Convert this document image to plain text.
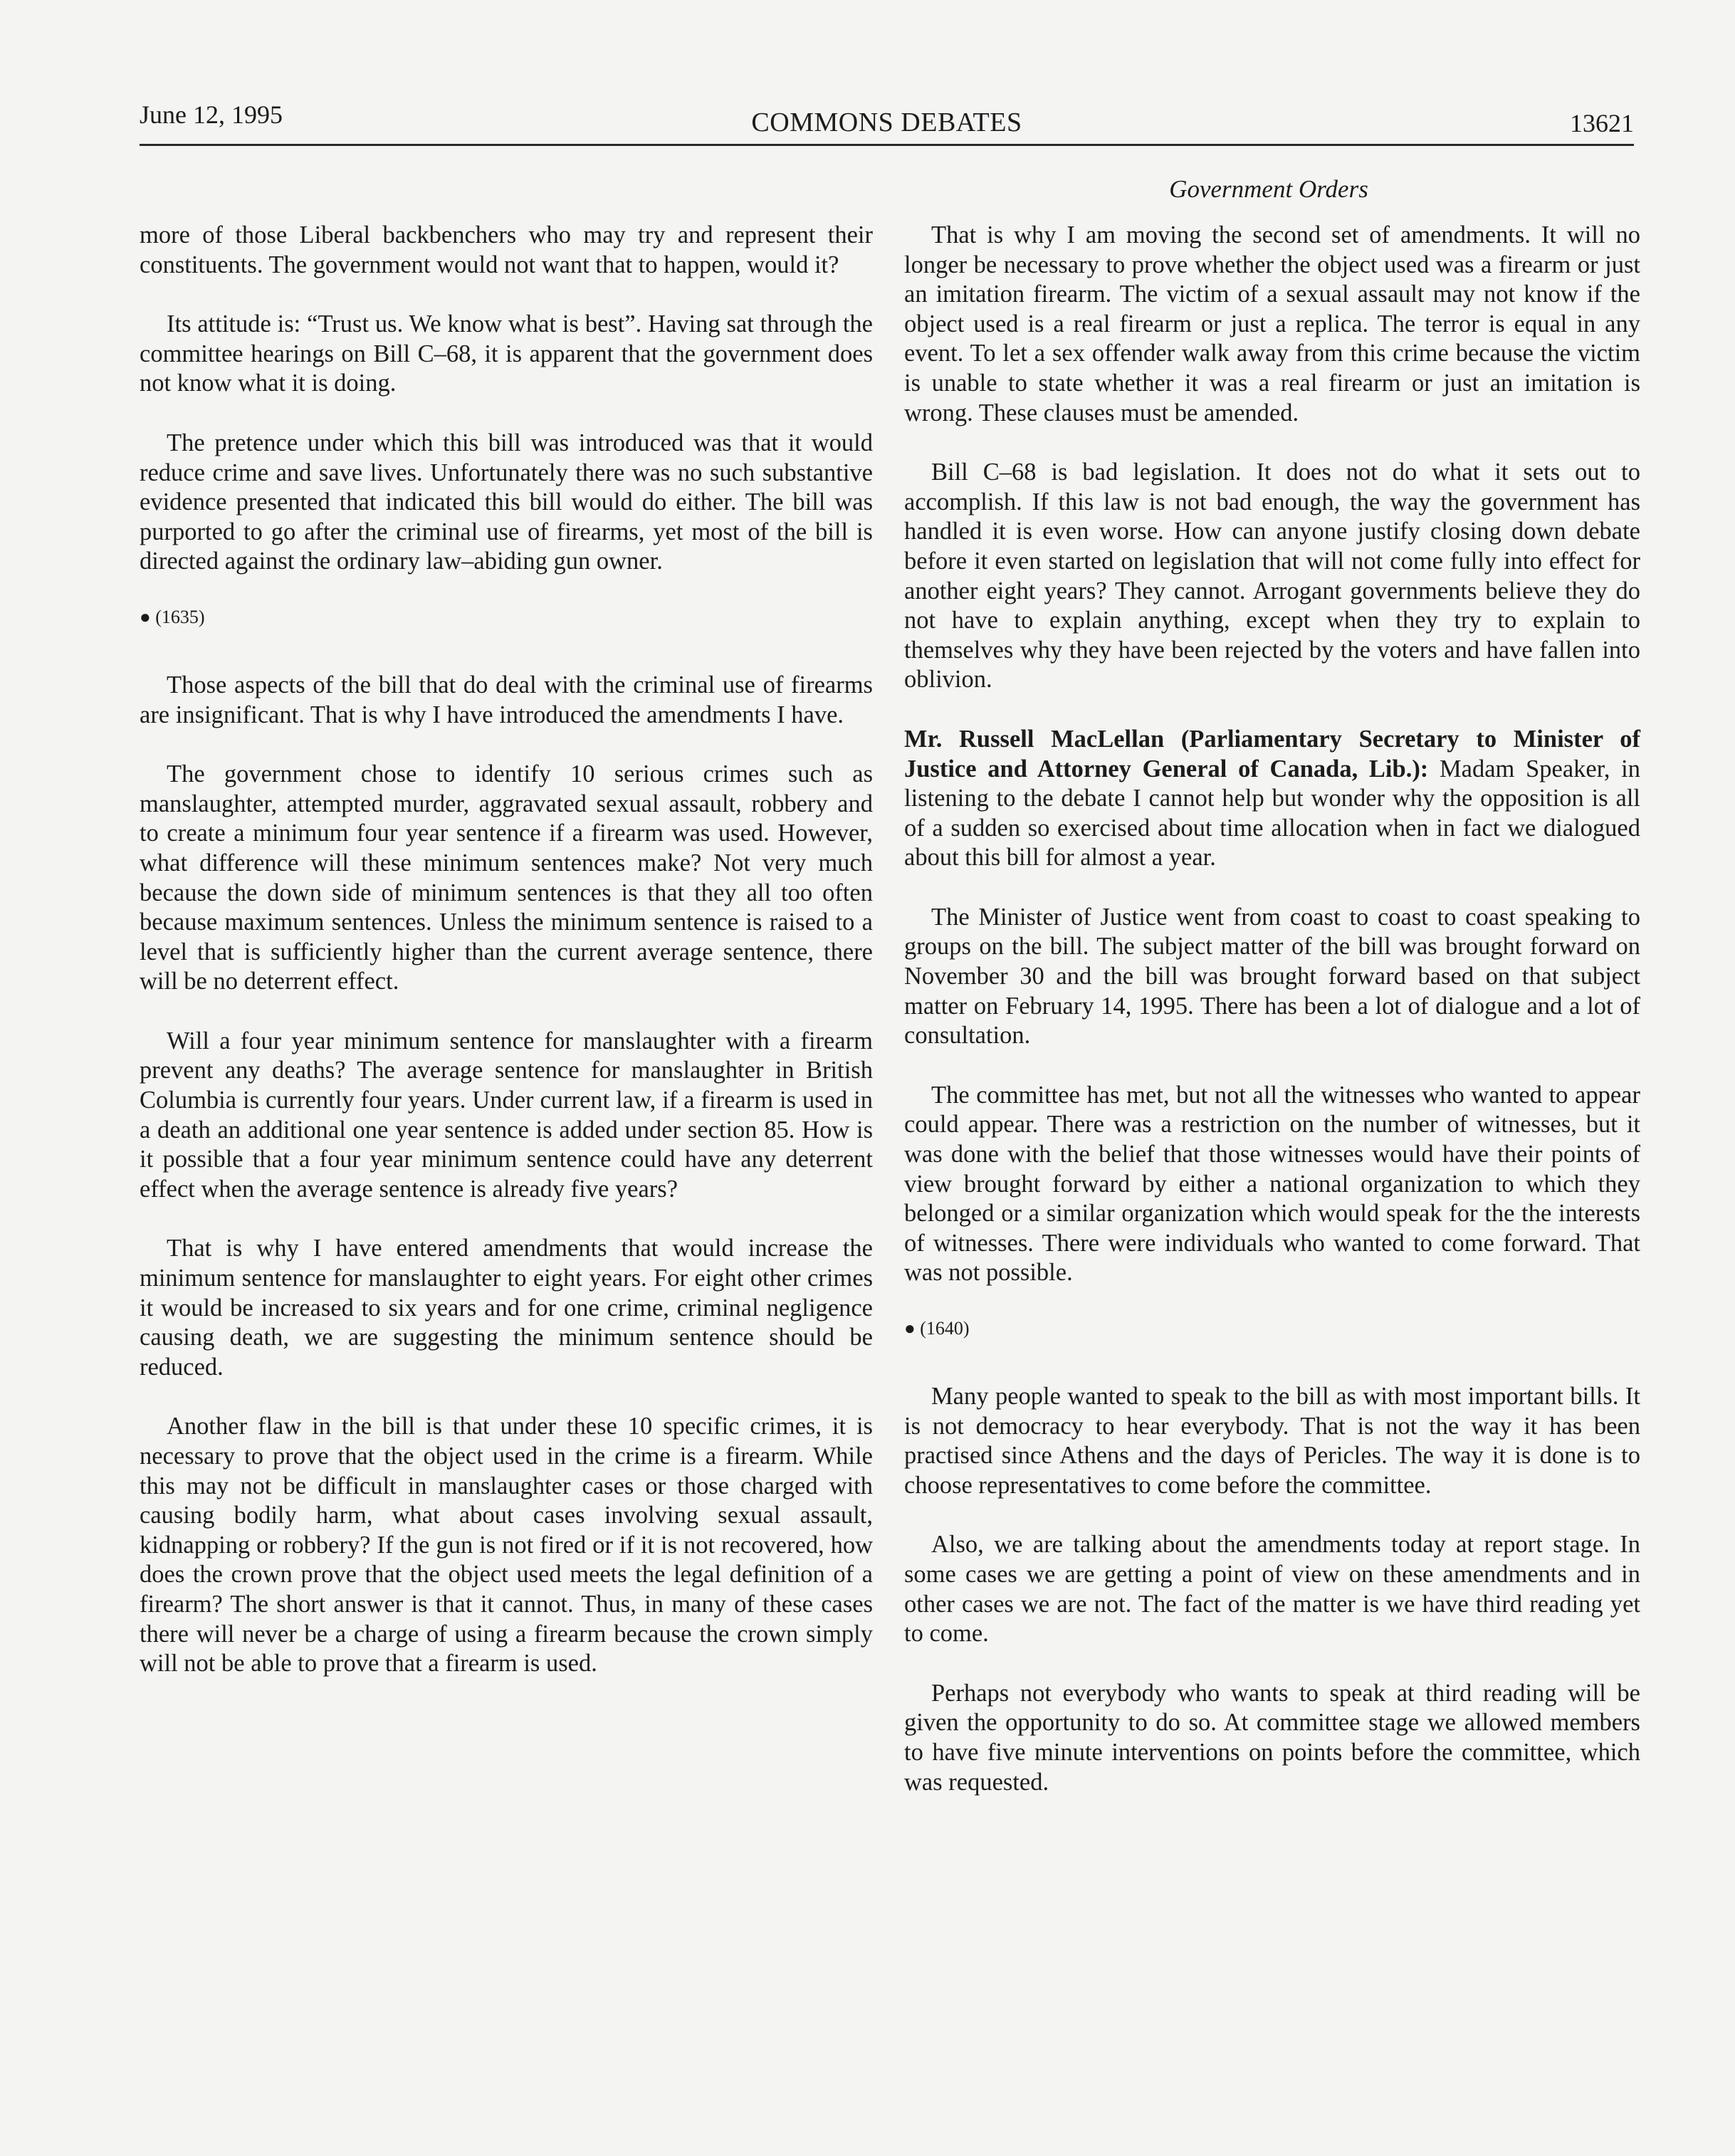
June 12, 1995	COMMONS DEBATES	13621
Government Orders

more of those Liberal backbenchers who may try and represent their constituents. The government would not want that to happen, would it?

Its attitude is: “Trust us. We know what is best”. Having sat through the committee hearings on Bill C–68, it is apparent that the government does not know what it is doing.

The pretence under which this bill was introduced was that it would reduce crime and save lives. Unfortunately there was no such substantive evidence presented that indicated this bill would do either. The bill was purported to go after the criminal use of firearms, yet most of the bill is directed against the ordinary law–abiding gun owner.

● (1635)

Those aspects of the bill that do deal with the criminal use of firearms are insignificant. That is why I have introduced the amendments I have.

The government chose to identify 10 serious crimes such as manslaughter, attempted murder, aggravated sexual assault, robbery and to create a minimum four year sentence if a firearm was used. However, what difference will these minimum sentences make? Not very much because the down side of minimum sentences is that they all too often because maximum sentences. Unless the minimum sentence is raised to a level that is sufficiently higher than the current average sentence, there will be no deterrent effect.

Will a four year minimum sentence for manslaughter with a firearm prevent any deaths? The average sentence for manslaughter in British Columbia is currently four years. Under current law, if a firearm is used in a death an additional one year sentence is added under section 85. How is it possible that a four year minimum sentence could have any deterrent effect when the average sentence is already five years?

That is why I have entered amendments that would increase the minimum sentence for manslaughter to eight years. For eight other crimes it would be increased to six years and for one crime, criminal negligence causing death, we are suggesting the minimum sentence should be reduced.

Another flaw in the bill is that under these 10 specific crimes, it is necessary to prove that the object used in the crime is a firearm. While this may not be difficult in manslaughter cases or those charged with causing bodily harm, what about cases involving sexual assault, kidnapping or robbery? If the gun is not fired or if it is not recovered, how does the crown prove that the object used meets the legal definition of a firearm? The short answer is that it cannot. Thus, in many of these cases there will never be a charge of using a firearm because the crown simply will not be able to prove that a firearm is used.

That is why I am moving the second set of amendments. It will no longer be necessary to prove whether the object used was a firearm or just an imitation firearm. The victim of a sexual assault may not know if the object used is a real firearm or just a replica. The terror is equal in any event. To let a sex offender walk away from this crime because the victim is unable to state whether it was a real firearm or just an imitation is wrong. These clauses must be amended.

Bill C–68 is bad legislation. It does not do what it sets out to accomplish. If this law is not bad enough, the way the government has handled it is even worse. How can anyone justify closing down debate before it even started on legislation that will not come fully into effect for another eight years? They cannot. Arrogant governments believe they do not have to explain anything, except when they try to explain to themselves why they have been rejected by the voters and have fallen into oblivion.

Mr. Russell MacLellan (Parliamentary Secretary to Minister of Justice and Attorney General of Canada, Lib.): Madam Speaker, in listening to the debate I cannot help but wonder why the opposition is all of a sudden so exercised about time allocation when in fact we dialogued about this bill for almost a year.

The Minister of Justice went from coast to coast to coast speaking to groups on the bill. The subject matter of the bill was brought forward on November 30 and the bill was brought forward based on that subject matter on February 14, 1995. There has been a lot of dialogue and a lot of consultation.

The committee has met, but not all the witnesses who wanted to appear could appear. There was a restriction on the number of witnesses, but it was done with the belief that those witnesses would have their points of view brought forward by either a national organization to which they belonged or a similar organization which would speak for the the interests of witnesses. There were individuals who wanted to come forward. That was not possible.

● (1640)

Many people wanted to speak to the bill as with most important bills. It is not democracy to hear everybody. That is not the way it has been practised since Athens and the days of Pericles. The way it is done is to choose representatives to come before the committee.

Also, we are talking about the amendments today at report stage. In some cases we are getting a point of view on these amendments and in other cases we are not. The fact of the matter is we have third reading yet to come.

Perhaps not everybody who wants to speak at third reading will be given the opportunity to do so. At committee stage we allowed members to have five minute interventions on points before the committee, which was requested.
